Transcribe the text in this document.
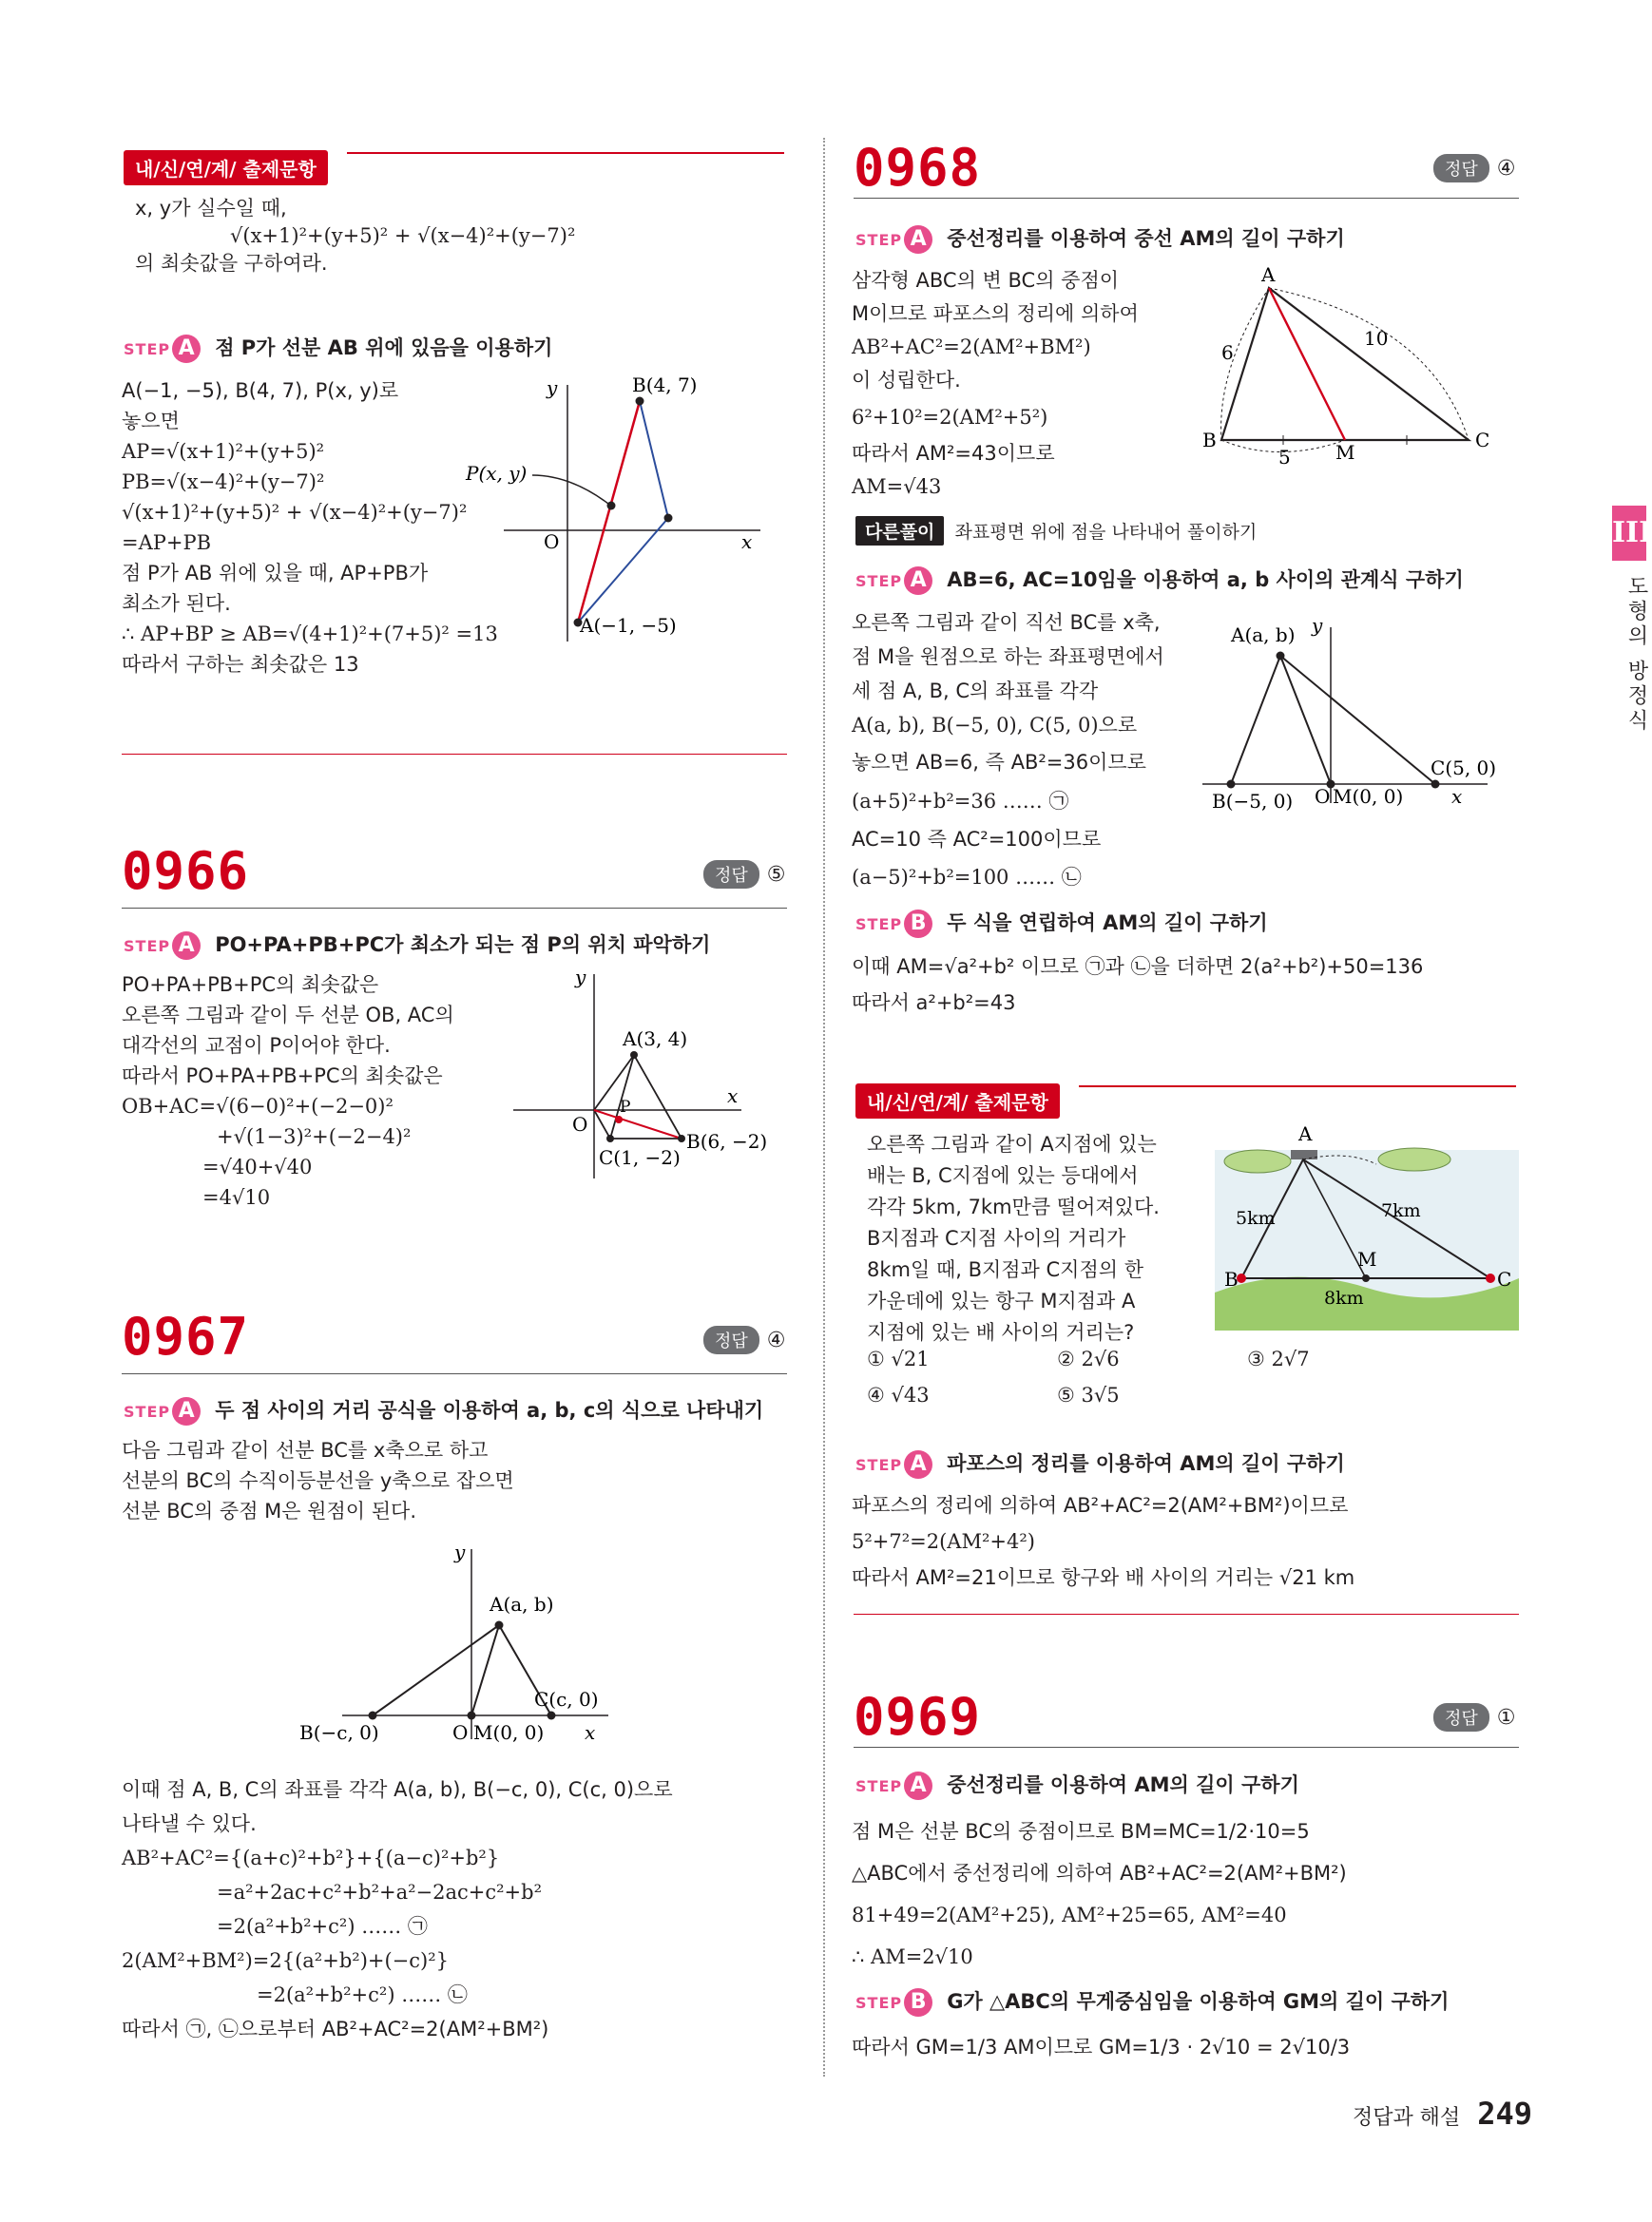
내/신/연/계/ 출제문항
x, y가 실수일 때,
√(x+1)²+(y+5)² + √(x−4)²+(y−7)²
의 최솟값을 구하여라.
STEP A 점 P가 선분 AB 위에 있음을 이용하기
A(−1, −5), B(4, 7), P(x, y)로
놓으면
AP=√(x+1)²+(y+5)²
PB=√(x−4)²+(y−7)²
√(x+1)²+(y+5)² + √(x−4)²+(y−7)²
=AP+PB
점 P가 AB 위에 있을 때, AP+PB가
최소가 된다.
∴ AP+BP ≥ AB=√(4+1)²+(7+5)² =13
따라서 구하는 최솟값은 13
B(4, 7)
P(x, y)
A(−1, −5)
O	x
y
0966	정답 ⑤
STEP A PO+PA+PB+PC가 최소가 되는 점 P의 위치 파악하기
PO+PA+PB+PC의 최솟값은
오른쪽 그림과 같이 두 선분 OB, AC의
대각선의 교점이 P이어야 한다.
따라서 PO+PA+PB+PC의 최솟값은
OB+AC=√(6−0)²+(−2−0)²
+√(1−3)²+(−2−4)²
=√40+√40
=4√10
A(3, 4)
B(6, −2)
C(1, −2)
P
O
x
y
0967	정답 ④
STEP A 두 점 사이의 거리 공식을 이용하여 a, b, c의 식으로 나타내기
다음 그림과 같이 선분 BC를 x축으로 하고
선분의 BC의 수직이등분선을 y축으로 잡으면
선분 BC의 중점 M은 원점이 된다.
A(a, b)
B(−c, 0)
C(c, 0)
M(0, 0)
O	x
y
이때 점 A, B, C의 좌표를 각각 A(a, b), B(−c, 0), C(c, 0)으로
나타낼 수 있다.
AB²+AC²={(a+c)²+b²}+{(a−c)²+b²}
=a²+2ac+c²+b²+a²−2ac+c²+b²
=2(a²+b²+c²) …… ㉠
2(AM²+BM²)=2{(a²+b²)+(−c)²}
=2(a²+b²+c²) …… ㉡
따라서 ㉠, ㉡으로부터 AB²+AC²=2(AM²+BM²)
0968	정답 ④
STEP A 중선정리를 이용하여 중선 AM의 길이 구하기
삼각형 ABC의 변 BC의 중점이
M이므로 파포스의 정리에 의하여
AB²+AC²=2(AM²+BM²)
이 성립한다.
6²+10²=2(AM²+5²)
따라서 AM²=43이므로
AM=√43
A
B	C
M
6
10
5
다른풀이 좌표평면 위에 점을 나타내어 풀이하기
STEP A AB=6, AC=10임을 이용하여 a, b 사이의 관계식 구하기
오른쪽 그림과 같이 직선 BC를 x축,
점 M을 원점으로 하는 좌표평면에서
세 점 A, B, C의 좌표를 각각
A(a, b), B(−5, 0), C(5, 0)으로
놓으면 AB=6, 즉 AB²=36이므로
(a+5)²+b²=36 …… ㉠
AC=10 즉 AC²=100이므로
(a−5)²+b²=100 …… ㉡
A(a, b)
B(−5, 0)
C(5, 0)
M(0, 0)
O	x
y
STEP B 두 식을 연립하여 AM의 길이 구하기
이때 AM=√a²+b² 이므로 ㉠과 ㉡을 더하면 2(a²+b²)+50=136
따라서 a²+b²=43
내/신/연/계/ 출제문항
오른쪽 그림과 같이 A지점에 있는
배는 B, C지점에 있는 등대에서
각각 5km, 7km만큼 떨어져있다.
B지점과 C지점 사이의 거리가
8km일 때, B지점과 C지점의 한
가운데에 있는 항구 M지점과 A
지점에 있는 배 사이의 거리는?
① √21	② 2√6	③ 2√7
④ √43	⑤ 3√5
A
B	C
M
5km	7km
8km
STEP A 파포스의 정리를 이용하여 AM의 길이 구하기
파포스의 정리에 의하여 AB²+AC²=2(AM²+BM²)이므로
5²+7²=2(AM²+4²)
따라서 AM²=21이므로 항구와 배 사이의 거리는 √21 km
0969	정답 ①
STEP A 중선정리를 이용하여 AM의 길이 구하기
점 M은 선분 BC의 중점이므로 BM=MC=1/2·10=5
△ABC에서 중선정리에 의하여 AB²+AC²=2(AM²+BM²)
81+49=2(AM²+25), AM²+25=65, AM²=40
∴ AM=2√10
STEP B G가 △ABC의 무게중심임을 이용하여 GM의 길이 구하기
따라서 GM=1/3 AM이므로 GM=1/3 · 2√10 = 2√10/3
III
도형의 방정식
정답과 해설 249
